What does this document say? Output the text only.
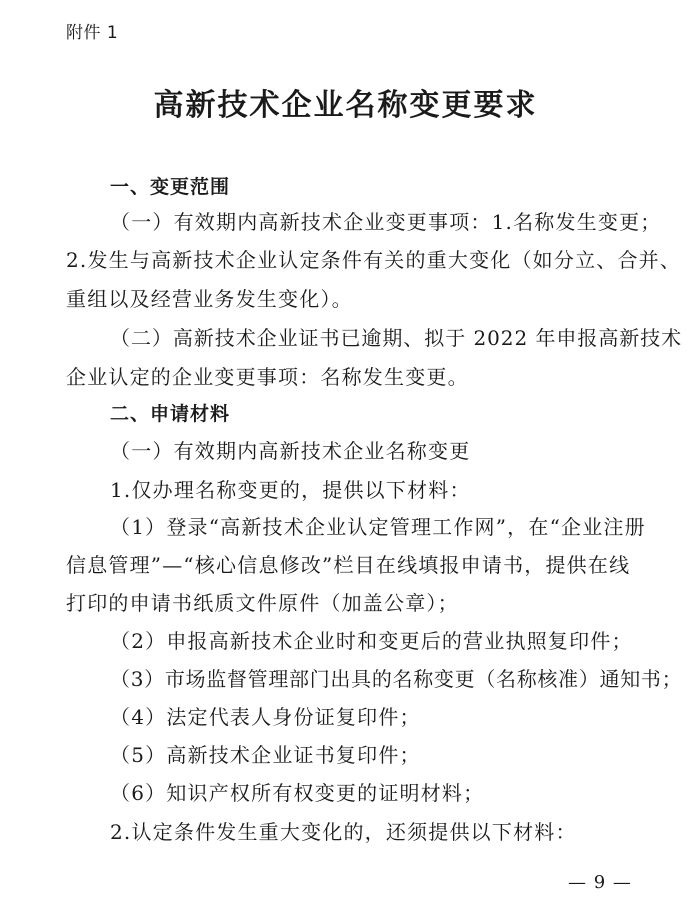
附件 1
高新技术企业名称变更要求
一、变更范围
（一）有效期内高新技术企业变更事项：1.名称发生变更；
2.发生与高新技术企业认定条件有关的重大变化（如分立、合并、
重组以及经营业务发生变化）。
（二）高新技术企业证书已逾期、拟于 2022 年申报高新技术
企业认定的企业变更事项：名称发生变更。
二、申请材料
（一）有效期内高新技术企业名称变更
1.仅办理名称变更的，提供以下材料：
（1）登录“高新技术企业认定管理工作网”，在“企业注册
信息管理”—“核心信息修改”栏目在线填报申请书，提供在线
打印的申请书纸质文件原件（加盖公章）；
（2）申报高新技术企业时和变更后的营业执照复印件；
（3）市场监督管理部门出具的名称变更（名称核准）通知书；
（4）法定代表人身份证复印件；
（5）高新技术企业证书复印件；
（6）知识产权所有权变更的证明材料；
2.认定条件发生重大变化的，还须提供以下材料：
— 9 —
